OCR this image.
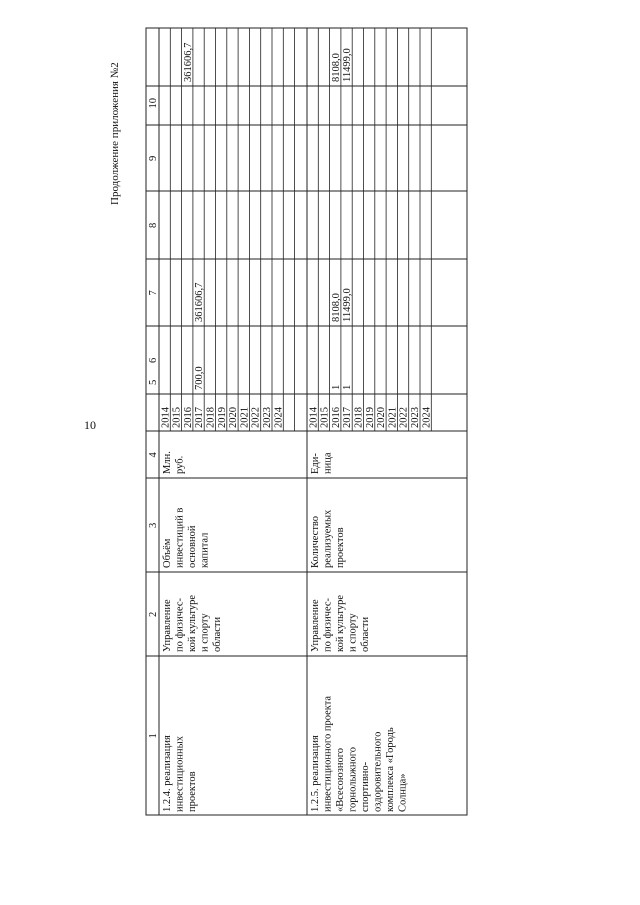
10
Продолжение приложения №2
1
2
3
4
5
6
7
8
9
10
2014 2015 2016 2017 2018 2019 2020 2021 2022 2023 2024 2014 2015 2016 2017 2018 2019 2020 2021 2022 2023 2024
1.2.4. реализация инвестиционных проектов
Управление по физичес- кой культуре и спорту области
Объём инвестиций в основной капитал
Млн. руб.
1.2.5. реализация инвестиционного проекта «Всесоюзного горнолыжного спортивно- оздоровительного комплекса «Городь Солнца»
Управление по физичес- кой культуре и спорту области
Количество реализуемых проектов
Еди- ница
700,0
361606,7
361606,7
1 1
8108,0 11499,0
8108,0 11499,0
